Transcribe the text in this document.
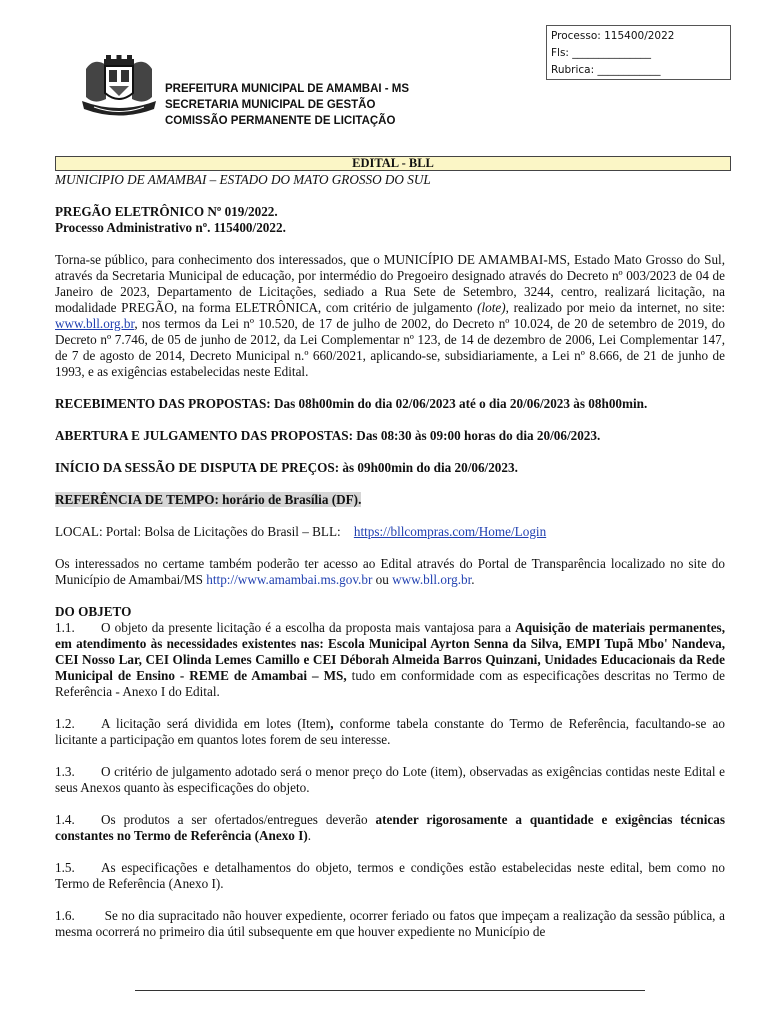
Processo: 115400/2022
Fls: _______________
Rubrica: ____________
PREFEITURA MUNICIPAL DE AMAMBAI - MS
SECRETARIA MUNICIPAL DE GESTÃO
COMISSÃO PERMANENTE DE LICITAÇÃO
EDITAL - BLL

MUNICIPIO DE AMAMBAI – ESTADO DO MATO GROSSO DO SUL

PREGÃO ELETRÔNICO Nº 019/2022.

Processo Administrativo nº. 115400/2022.

Torna-se público, para conhecimento dos interessados, que o MUNICÍPIO DE AMAMBAI-MS, Estado Mato Grosso do Sul, através da Secretaria Municipal de educação, por intermédio do Pregoeiro designado através do Decreto nº 003/2023 de 04 de Janeiro de 2023, Departamento de Licitações, sediado a Rua Sete de Setembro, 3244, centro, realizará licitação, na modalidade PREGÃO, na forma ELETRÔNICA, com critério de julgamento (lote), realizado por meio da internet, no site: www.bll.org.br, nos termos da Lei nº 10.520, de 17 de julho de 2002, do Decreto nº 10.024, de 20 de setembro de 2019, do Decreto nº 7.746, de 05 de junho de 2012, da Lei Complementar nº 123, de 14 de dezembro de 2006, Lei Complementar 147, de 7 de agosto de 2014, Decreto Municipal n.º 660/2021, aplicando-se, subsidiariamente, a Lei nº 8.666, de 21 de junho de 1993, e as exigências estabelecidas neste Edital.

RECEBIMENTO DAS PROPOSTAS: Das 08h00min do dia 02/06/2023 até o dia 20/06/2023 às 08h00min.

ABERTURA E JULGAMENTO DAS PROPOSTAS: Das 08:30 às 09:00 horas do dia 20/06/2023.

INÍCIO DA SESSÃO DE DISPUTA DE PREÇOS: às 09h00min do dia 20/06/2023.

REFERÊNCIA DE TEMPO: horário de Brasília (DF).

LOCAL: Portal: Bolsa de Licitações do Brasil – BLL: https://bllcompras.com/Home/Login

Os interessados no certame também poderão ter acesso ao Edital através do Portal de Transparência localizado no site do Município de Amambai/MS http://www.amambai.ms.gov.br ou www.bll.org.br.

DO OBJETO

1.1. O objeto da presente licitação é a escolha da proposta mais vantajosa para a Aquisição de materiais permanentes, em atendimento às necessidades existentes nas: Escola Municipal Ayrton Senna da Silva, EMPI Tupã Mbo' Nandeva, CEI Nosso Lar, CEI Olinda Lemes Camillo e CEI Déborah Almeida Barros Quinzani, Unidades Educacionais da Rede Municipal de Ensino - REME de Amambai – MS, tudo em conformidade com as especificações descritas no Termo de Referência - Anexo I do Edital.

1.2. A licitação será dividida em lotes (Item), conforme tabela constante do Termo de Referência, facultando-se ao licitante a participação em quantos lotes forem de seu interesse.

1.3. O critério de julgamento adotado será o menor preço do Lote (item), observadas as exigências contidas neste Edital e seus Anexos quanto às especificações do objeto.

1.4. Os produtos a ser ofertados/entregues deverão atender rigorosamente a quantidade e exigências técnicas constantes no Termo de Referência (Anexo I).

1.5. As especificações e detalhamentos do objeto, termos e condições estão estabelecidas neste edital, bem como no Termo de Referência (Anexo I).

1.6. Se no dia supracitado não houver expediente, ocorrer feriado ou fatos que impeçam a realização da sessão pública, a mesma ocorrerá no primeiro dia útil subsequente em que houver expediente no Município de
